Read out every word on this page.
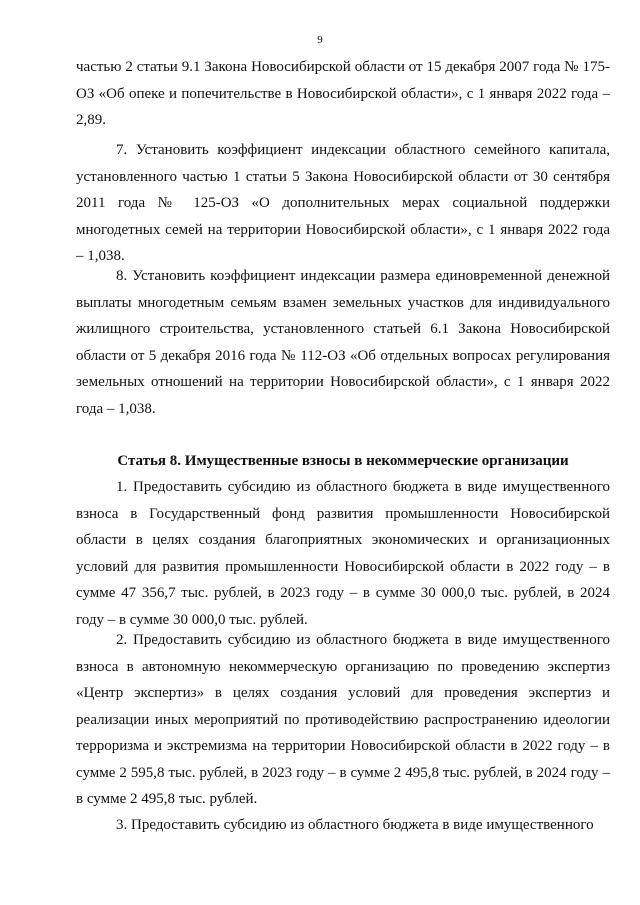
9
частью 2 статьи 9.1 Закона Новосибирской области от 15 декабря 2007 года № 175-ОЗ «Об опеке и попечительстве в Новосибирской области», с 1 января 2022 года – 2,89.
7. Установить коэффициент индексации областного семейного капитала, установленного частью 1 статьи 5 Закона Новосибирской области от 30 сентября 2011 года № 125-ОЗ «О дополнительных мерах социальной поддержки многодетных семей на территории Новосибирской области», с 1 января 2022 года – 1,038.
8. Установить коэффициент индексации размера единовременной денежной выплаты многодетным семьям взамен земельных участков для индивидуального жилищного строительства, установленного статьей 6.1 Закона Новосибирской области от 5 декабря 2016 года № 112-ОЗ «Об отдельных вопросах регулирования земельных отношений на территории Новосибирской области», с 1 января 2022 года – 1,038.
Статья 8. Имущественные взносы в некоммерческие организации
1. Предоставить субсидию из областного бюджета в виде имущественного взноса в Государственный фонд развития промышленности Новосибирской области в целях создания благоприятных экономических и организационных условий для развития промышленности Новосибирской области в 2022 году – в сумме 47 356,7 тыс. рублей, в 2023 году – в сумме 30 000,0 тыс. рублей, в 2024 году – в сумме 30 000,0 тыс. рублей.
2. Предоставить субсидию из областного бюджета в виде имущественного взноса в автономную некоммерческую организацию по проведению экспертиз «Центр экспертиз» в целях создания условий для проведения экспертиз и реализации иных мероприятий по противодействию распространению идеологии терроризма и экстремизма на территории Новосибирской области в 2022 году – в сумме 2 595,8 тыс. рублей, в 2023 году – в сумме 2 495,8 тыс. рублей, в 2024 году – в сумме 2 495,8 тыс. рублей.
3. Предоставить субсидию из областного бюджета в виде имущественного
